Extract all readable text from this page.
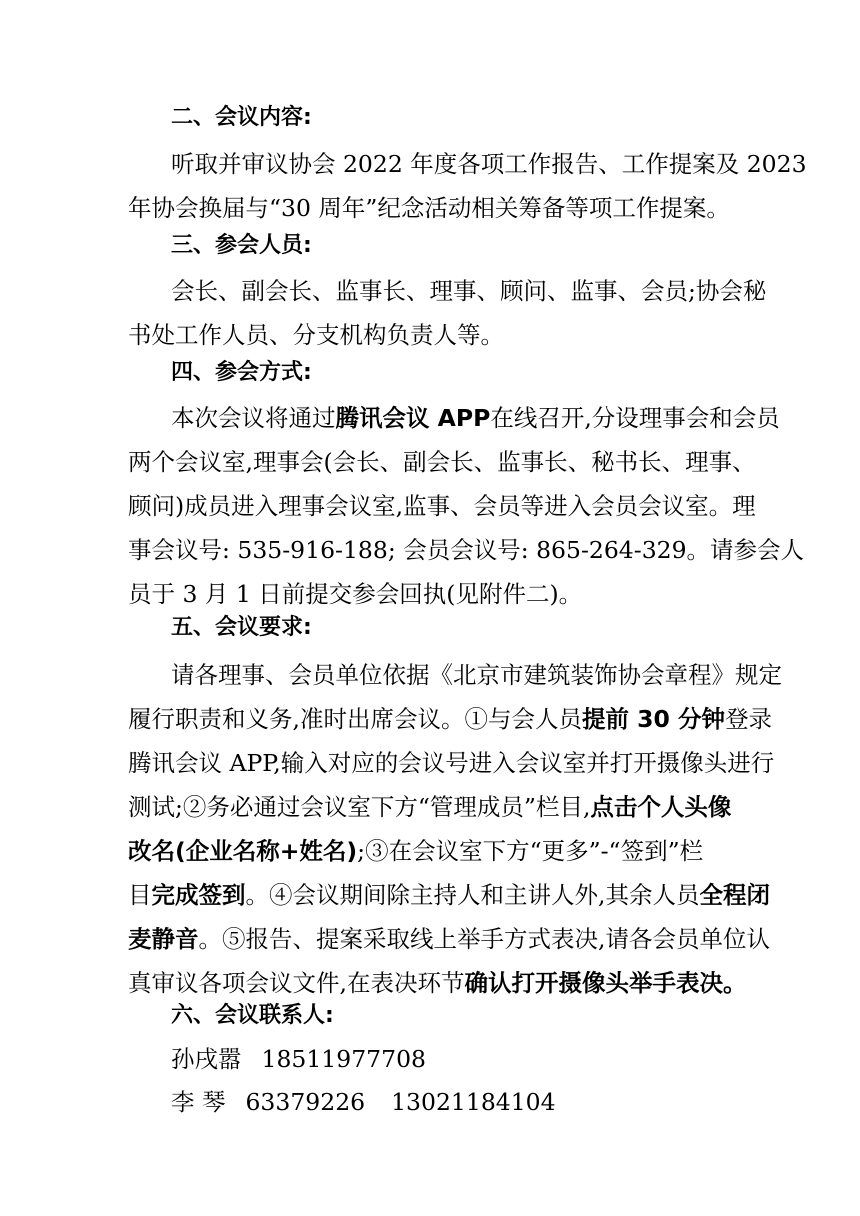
二、会议内容:
听取并审议协会 2022 年度各项工作报告、工作提案及 2023
年协会换届与“30 周年”纪念活动相关筹备等项工作提案。
三、参会人员:
会长、副会长、监事长、理事、顾问、监事、会员;协会秘
书处工作人员、分支机构负责人等。
四、参会方式:
本次会议将通过腾讯会议 APP在线召开,分设理事会和会员
两个会议室,理事会(会长、副会长、监事长、秘书长、理事、
顾问)成员进入理事会议室,监事、会员等进入会员会议室。理
事会议号: 535-916-188; 会员会议号: 865-264-329。请参会人
员于 3 月 1 日前提交参会回执(见附件二)。
五、会议要求:
请各理事、会员单位依据《北京市建筑装饰协会章程》规定
履行职责和义务,准时出席会议。①与会人员提前 30 分钟登录
腾讯会议 APP,输入对应的会议号进入会议室并打开摄像头进行
测试;②务必通过会议室下方“管理成员”栏目,点击个人头像
改名(企业名称+姓名);③在会议室下方“更多”-“签到”栏
目完成签到。④会议期间除主持人和主讲人外,其余人员全程闭
麦静音。⑤报告、提案采取线上举手方式表决,请各会员单位认
真审议各项会议文件,在表决环节确认打开摄像头举手表决。
六、会议联系人:
孙戌嚣 18511977708
李 琴 63379226 13021184104
